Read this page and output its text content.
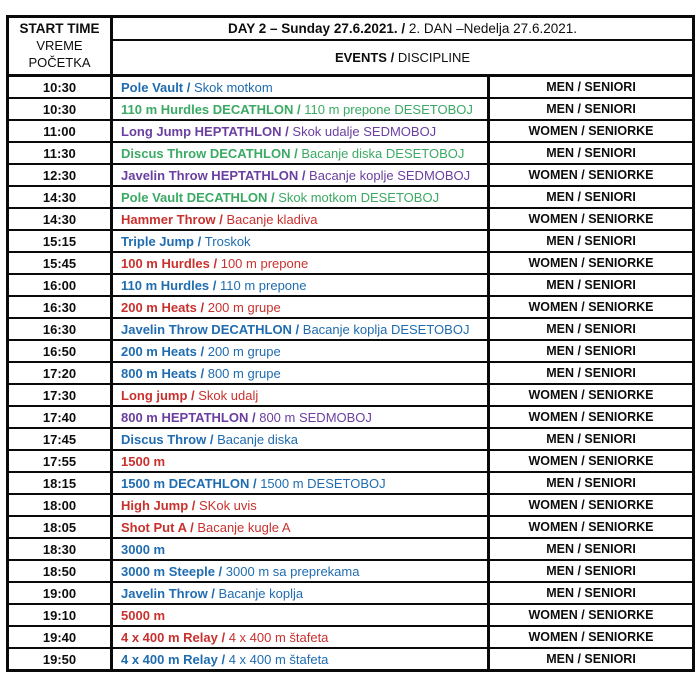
START TIME
VREME
POČETKA	DAY 2 – Sunday 27.6.2021. / 2. DAN –Nedelja 27.6.2021.	
	EVENTS / DISCIPLINE	
10:30	Pole Vault / Skok motkom	MEN / SENIORI
10:30	110 m Hurdles DECATHLON / 110 m prepone DESETOBOJ	MEN / SENIORI
11:00	Long Jump HEPTATHLON / Skok udalje SEDMOBOJ	WOMEN / SENIORKE
11:30	Discus Throw DECATHLON / Bacanje diska DESETOBOJ	MEN / SENIORI
12:30	Javelin Throw HEPTATHLON / Bacanje koplje SEDMOBOJ	WOMEN / SENIORKE
14:30	Pole Vault DECATHLON / Skok motkom DESETOBOJ	MEN / SENIORI
14:30	Hammer Throw / Bacanje kladiva	WOMEN / SENIORKE
15:15	Triple Jump / Troskok	MEN / SENIORI
15:45	100 m Hurdles / 100 m prepone	WOMEN / SENIORKE
16:00	110 m Hurdles / 110 m prepone	MEN / SENIORI
16:30	200 m Heats / 200 m grupe	WOMEN / SENIORKE
16:30	Javelin Throw DECATHLON / Bacanje koplja DESETOBOJ	MEN / SENIORI
16:50	200 m Heats / 200 m grupe	MEN / SENIORI
17:20	800 m Heats / 800 m grupe	MEN / SENIORI
17:30	Long jump / Skok udalj	WOMEN / SENIORKE
17:40	800 m HEPTATHLON / 800 m SEDMOBOJ	WOMEN / SENIORKE
17:45	Discus Throw / Bacanje diska	MEN / SENIORI
17:55	1500 m	WOMEN / SENIORKE
18:15	1500 m DECATHLON / 1500 m DESETOBOJ	MEN / SENIORI
18:00	High Jump / SKok uvis	WOMEN / SENIORKE
18:05	Shot Put A / Bacanje kugle A	WOMEN / SENIORKE
18:30	3000 m	MEN / SENIORI
18:50	3000 m Steeple / 3000 m sa preprekama	MEN / SENIORI
19:00	Javelin Throw / Bacanje koplja	MEN / SENIORI
19:10	5000 m	WOMEN / SENIORKE
19:40	4 x 400 m Relay / 4 x 400 m štafeta	WOMEN / SENIORKE
19:50	4 x 400 m Relay / 4 x 400 m štafeta	MEN / SENIORI
